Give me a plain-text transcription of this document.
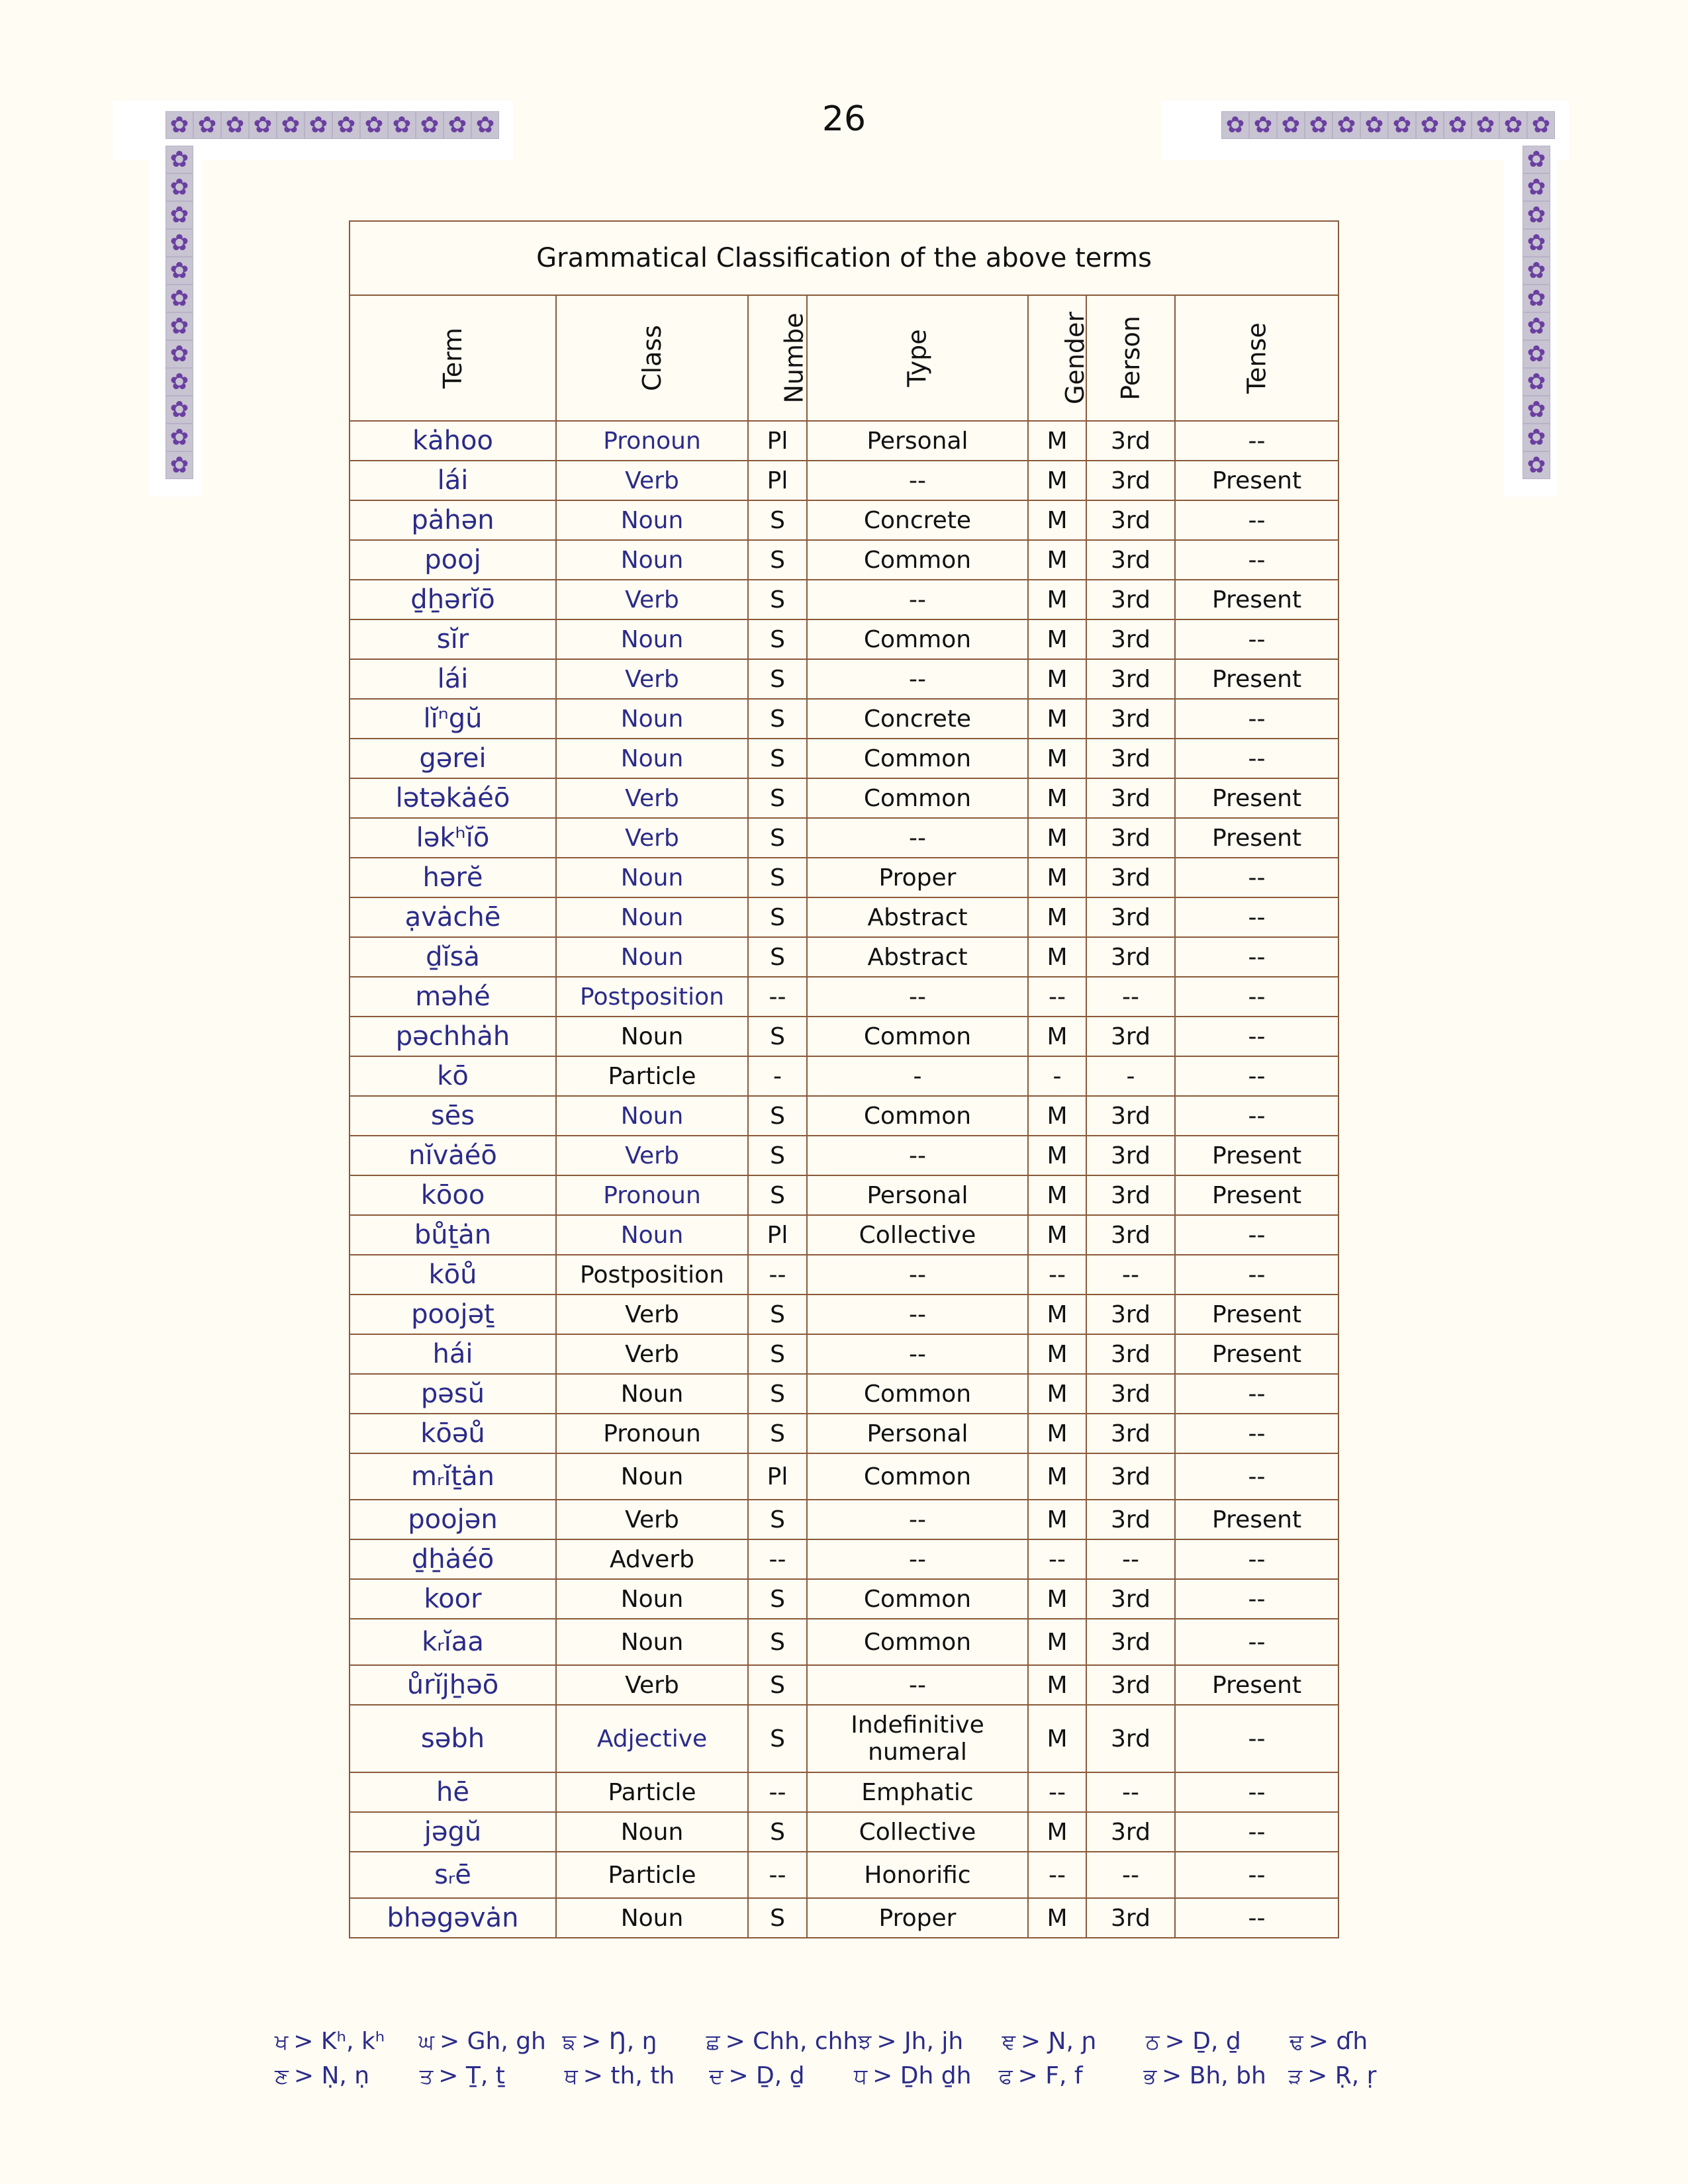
✿ ✿ ✿ ✿ ✿ ✿ ✿ ✿ ✿ ✿ ✿ ✿
✿
✿
✿
✿
✿
✿
✿
✿
✿
✿
✿
✿
✿ ✿ ✿ ✿ ✿ ✿ ✿ ✿ ✿ ✿ ✿ ✿
✿
✿
✿
✿
✿
✿
✿
✿
✿
✿
✿
✿
26
Grammatical Classification of the above terms						
Term	Class	Numbe	Type	Gender	Person	Tense
kȧhoo	Pronoun	Pl	Personal	M	3rd	--
lái	Verb	Pl	--	M	3rd	Present
pȧhən	Noun	S	Concrete	M	3rd	--
pooj	Noun	S	Common	M	3rd	--
ḏẖərĭō	Verb	S	--	M	3rd	Present
sĭr	Noun	S	Common	M	3rd	--
lái	Verb	S	--	M	3rd	Present
lĭⁿgŭ	Noun	S	Concrete	M	3rd	--
gərei	Noun	S	Common	M	3rd	--
lətəkȧéō	Verb	S	Common	M	3rd	Present
ləkʰĭō	Verb	S	--	M	3rd	Present
hərĕ	Noun	S	Proper	M	3rd	--
ạvȧchē	Noun	S	Abstract	M	3rd	--
ḏĭsȧ	Noun	S	Abstract	M	3rd	--
məhé	Postposition	--	--	--	--	--
pəchhȧh	Noun	S	Common	M	3rd	--
kō	Particle	-	-	-	-	--
sēs	Noun	S	Common	M	3rd	--
nĭvȧéō	Verb	S	--	M	3rd	Present
kōoo	Pronoun	S	Personal	M	3rd	Present
bůṯȧn	Noun	Pl	Collective	M	3rd	--
kōů	Postposition	--	--	--	--	--
poojəṯ	Verb	S	--	M	3rd	Present
hái	Verb	S	--	M	3rd	Present
pəsŭ	Noun	S	Common	M	3rd	--
kōəů	Pronoun	S	Personal	M	3rd	--
mᵣĭṯȧn	Noun	Pl	Common	M	3rd	--
poojən	Verb	S	--	M	3rd	Present
ḏẖȧéō	Adverb	--	--	--	--	--
koor	Noun	S	Common	M	3rd	--
kᵣĭaa	Noun	S	Common	M	3rd	--
ůrĭjẖəō	Verb	S	--	M	3rd	Present
səbh	Adjective	S	Indefinitive numeral	M	3rd	--
hē	Particle	--	Emphatic	--	--	--
jəgŭ	Noun	S	Collective	M	3rd	--
sᵣē	Particle	--	Honorific	--	--	--
bhəgəvȧn	Noun	S	Proper	M	3rd	--
ਖ > Kʰ, kʰ	ਘ > Gh, gh ਙ > Ŋ, ŋ	ਛ > Chh, chh ਝ > Jh, jh	ਞ > Ɲ, ɲ	ਠ > Ḏ, ḏ	ਢ > ɗh
ਣ > Ṇ, ṇ	ਤ > Ṯ, ṯ	ਥ > th, th	ਦ > Ḏ, ḏ	ਧ > Ḏh ḏh	ਫ > F, f	ਭ > Bh, bh	ੜ > Ṛ, ṛ
